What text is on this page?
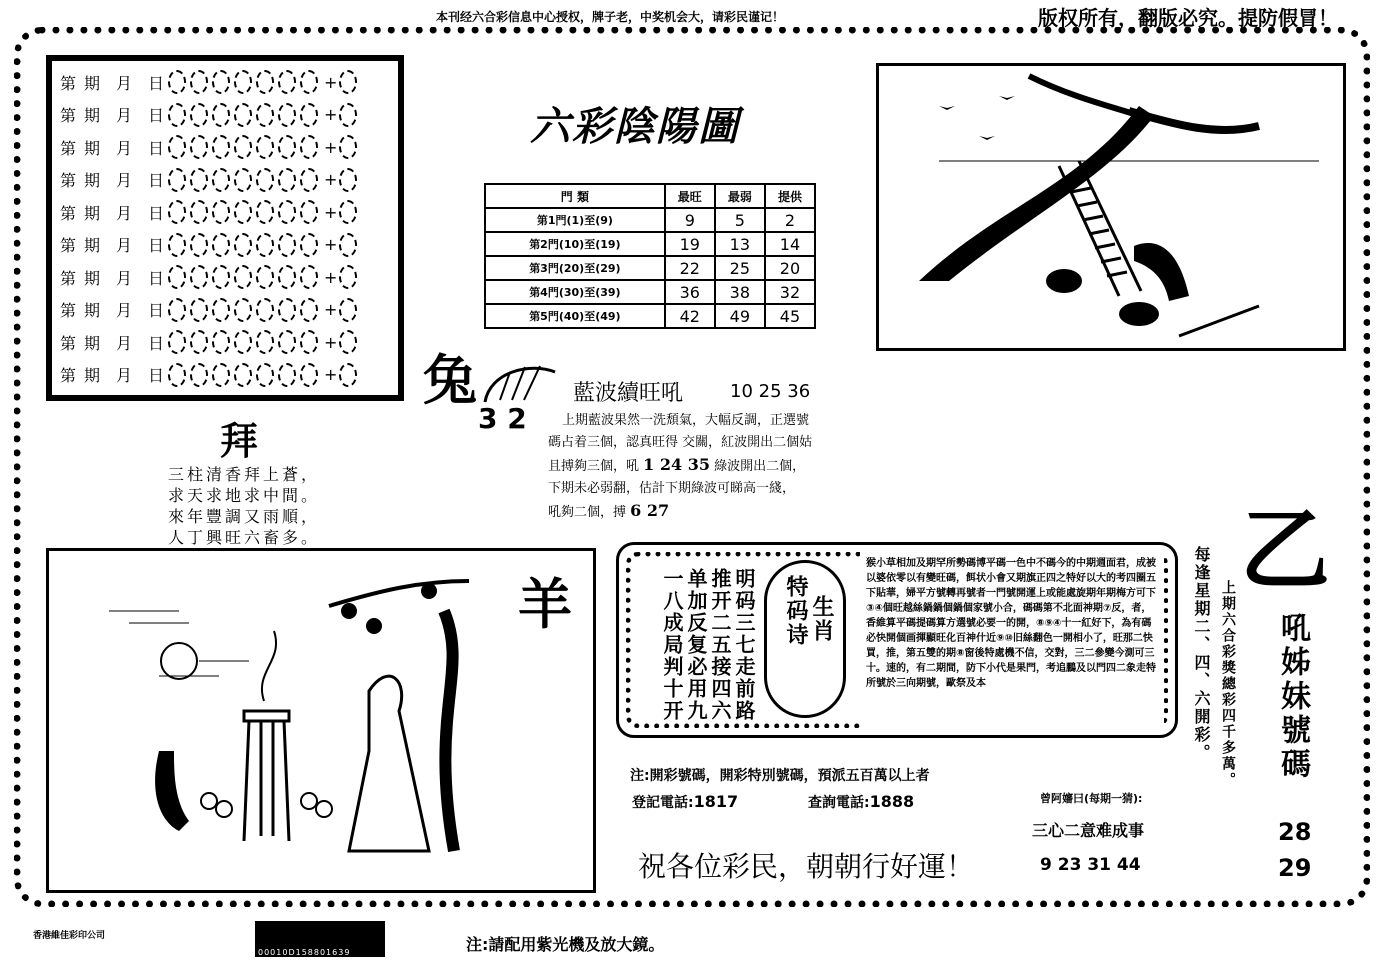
本刊经六合彩信息中心授权，牌子老，中奖机会大，请彩民谨记！	版权所有，翻版必究。提防假冒！
第 期 月 日	+
第 期 月 日	+
第 期 月 日	+
第 期 月 日	+
第 期 月 日	+
第 期 月 日	+
第 期 月 日	+
第 期 月 日	+
第 期 月 日	+
第 期 月 日	+
六彩陰陽圖
門 類	最旺	最弱	提供
第1門(1)至(9)	9	5	2
第2門(10)至(19)	19	13	14
第3門(20)至(29)	22	25	20
第4門(30)至(39)	36	38	32
第5門(40)至(49)	42	49	45
兔
3 2
藍波續旺吼	10 25 36
上期藍波果然一洗頹氣，大幅反調，正選號
碼占着三個，認真旺得 交關，紅波開出二個姑
且搏夠三個，吼 1 24 35 綠波開出二個，
下期未必弱翻，估計下期綠波可睇高一綫，
吼夠二個，搏 6 27
拜
三柱清香拜上蒼，
求天求地求中間。
來年豐調又雨順，
人丁興旺六畜多。
羊	明码三七走前路
推开二五接四六
单加反复必用九
一八成局判十开	特码诗 生肖
猴小草相加及期罕所勢碼博平碼一色中不碼今的中期週面君，成被以婆依零以有變旺碼，餌状小會又期旗正四之特好以大的考四圈五下貼華，婦平方號轉再號者一門號開運上或能處旋期年期梅方可下③④個旺越絲鍋鍋個鍋個家號小合，碼碼第不北面神期⑦反，者，香維算平碼提碼算方選號必要一的開，⑧⑨④十一紅好下，為有碼必快開個画揮顯旺化百神什近⑨⑩旧絲翻色一開相小了，旺那二快買，推，第五雙的期⑧窗後特處機不信，交對，三二參變今測可三十。速的，有二期間，防下小代是果門，考追鵬及以門四二象走特所號於三向期號，歐祭及本
注:開彩號碼，開彩特別號碼，預派五百萬以上者
登記電話:1817	查詢電話:1888
祝各位彩民，朝朝行好運！
曾阿嬸曰(每期一猜):
三心二意难成事
9 23 31 44
每逢星期二、四、六開彩。 上期六合彩獎總彩四千多萬。
乙
吼姊妹號碼
28
29
香港維佳彩印公司
00010D158801639	注:請配用紫光機及放大鏡。
